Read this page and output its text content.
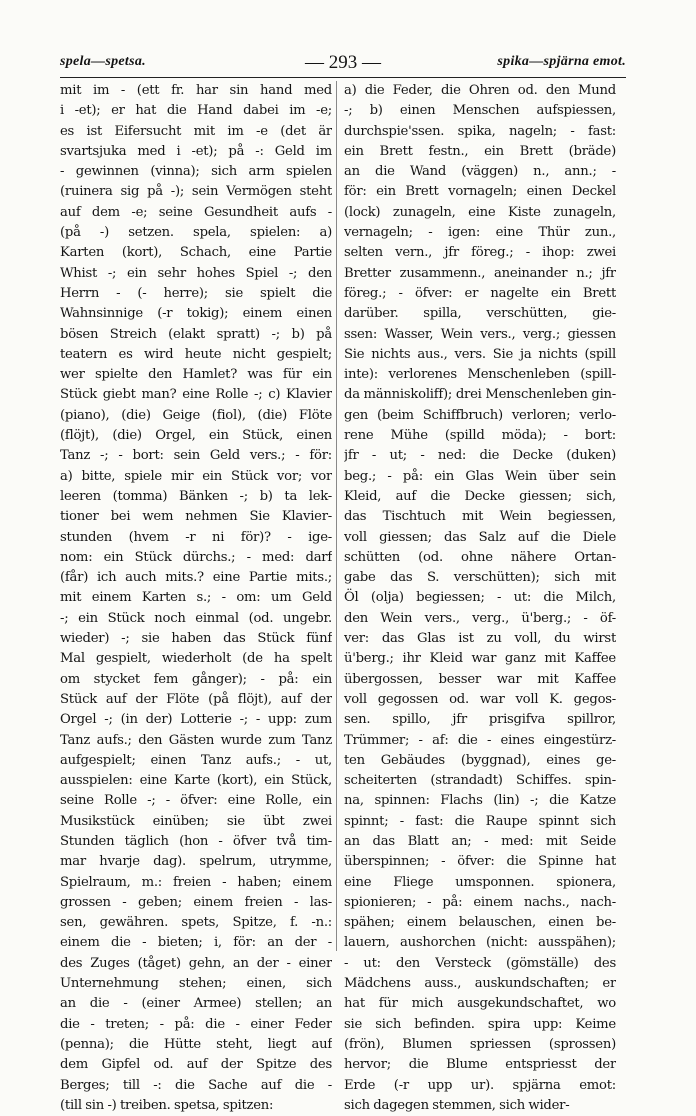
spela—spetsa.	— 293 —	spika—spjärna emot.
mit im - (ett fr. har sin hand med
i -et); er hat die Hand dabei im -e;
es ist Eifersucht mit im -e (det är
svartsjuka med i -et); på -: Geld im
- gewinnen (vinna); sich arm spielen
(ruinera sig på -); sein Vermögen steht
auf dem -e; seine Gesundheit aufs -
(på -) setzen. spela, spielen: a)
Karten (kort), Schach, eine Partie
Whist -; ein sehr hohes Spiel -; den
Herrn - (- herre); sie spielt die
Wahnsinnige (-r tokig); einem einen
bösen Streich (elakt spratt) -; b) på
teatern es wird heute nicht gespielt;
wer spielte den Hamlet? was für ein
Stück giebt man? eine Rolle -; c) Klavier
(piano), (die) Geige (fiol), (die) Flöte
(flöjt), (die) Orgel, ein Stück, einen
Tanz -; - bort: sein Geld vers.; - för:
a) bitte, spiele mir ein Stück vor; vor
leeren (tomma) Bänken -; b) ta lek-
tioner bei wem nehmen Sie Klavier-
stunden (hvem -r ni för)? - ige-
nom: ein Stück dürchs.; - med: darf
(får) ich auch mits.? eine Partie mits.;
mit einem Karten s.; - om: um Geld
-; ein Stück noch einmal (od. ungebr.
wieder) -; sie haben das Stück fünf
Mal gespielt, wiederholt (de ha spelt
om stycket fem gånger); - på: ein
Stück auf der Flöte (på flöjt), auf der
Orgel -; (in der) Lotterie -; - upp: zum
Tanz aufs.; den Gästen wurde zum Tanz
aufgespielt; einen Tanz aufs.; - ut,
ausspielen: eine Karte (kort), ein Stück,
seine Rolle -; - öfver: eine Rolle, ein
Musikstück einüben; sie übt zwei
Stunden täglich (hon - öfver två tim-
mar hvarje dag). spelrum, utrymme,
Spielraum, m.: freien - haben; einem
grossen - geben; einem freien - las-
sen, gewähren. spets, Spitze, f. -n.:
einem die - bieten; i, för: an der -
des Zuges (tåget) gehn, an der - einer
Unternehmung stehen; einen, sich
an die - (einer Armee) stellen; an
die - treten; - på: die - einer Feder
(penna); die Hütte steht, liegt auf
dem Gipfel od. auf der Spitze des
Berges; till -: die Sache auf die -
(till sin -) treiben. spetsa, spitzen:
a) die Feder, die Ohren od. den Mund
-; b) einen Menschen aufspiessen,
durchspie'ssen. spika, nageln; - fast:
ein Brett festn., ein Brett (bräde)
an die Wand (väggen) n., ann.; -
för: ein Brett vornageln; einen Deckel
(lock) zunageln, eine Kiste zunageln,
vernageln; - igen: eine Thür zun.,
selten vern., jfr föreg.; - ihop: zwei
Bretter zusammenn., aneinander n.; jfr
föreg.; - öfver: er nagelte ein Brett
darüber. spilla, verschütten, gie-
ssen: Wasser, Wein vers., verg.; giessen
Sie nichts aus., vers. Sie ja nichts (spill
inte): verlorenes Menschenleben (spill-
da människoliff); drei Menschenleben gin-
gen (beim Schiffbruch) verloren; verlo-
rene Mühe (spilld möda); - bort:
jfr - ut; - ned: die Decke (duken)
beg.; - på: ein Glas Wein über sein
Kleid, auf die Decke giessen; sich,
das Tischtuch mit Wein begiessen,
voll giessen; das Salz auf die Diele
schütten (od. ohne nähere Ortan-
gabe das S. verschütten); sich mit
Öl (olja) begiessen; - ut: die Milch,
den Wein vers., verg., ü'berg.; - öf-
ver: das Glas ist zu voll, du wirst
ü'berg.; ihr Kleid war ganz mit Kaffee
übergossen, besser war mit Kaffee
voll gegossen od. war voll K. gegos-
sen. spillo, jfr prisgifva spillror,
Trümmer; - af: die - eines eingestürz-
ten Gebäudes (byggnad), eines ge-
scheiterten (strandadt) Schiffes. spin-
na, spinnen: Flachs (lin) -; die Katze
spinnt; - fast: die Raupe spinnt sich
an das Blatt an; - med: mit Seide
überspinnen; - öfver: die Spinne hat
eine Fliege umsponnen. spionera,
spionieren; - på: einem nachs., nach-
spähen; einem belauschen, einen be-
lauern, aushorchen (nicht: ausspähen);
- ut: den Versteck (gömställe) des
Mädchens auss., auskundschaften; er
hat für mich ausgekundschaftet, wo
sie sich befinden. spira upp: Keime
(frön), Blumen spriessen (sprossen)
hervor; die Blume entspriesst der
Erde (-r upp ur). spjärna emot:
sich dagegen stemmen, sich wider-
